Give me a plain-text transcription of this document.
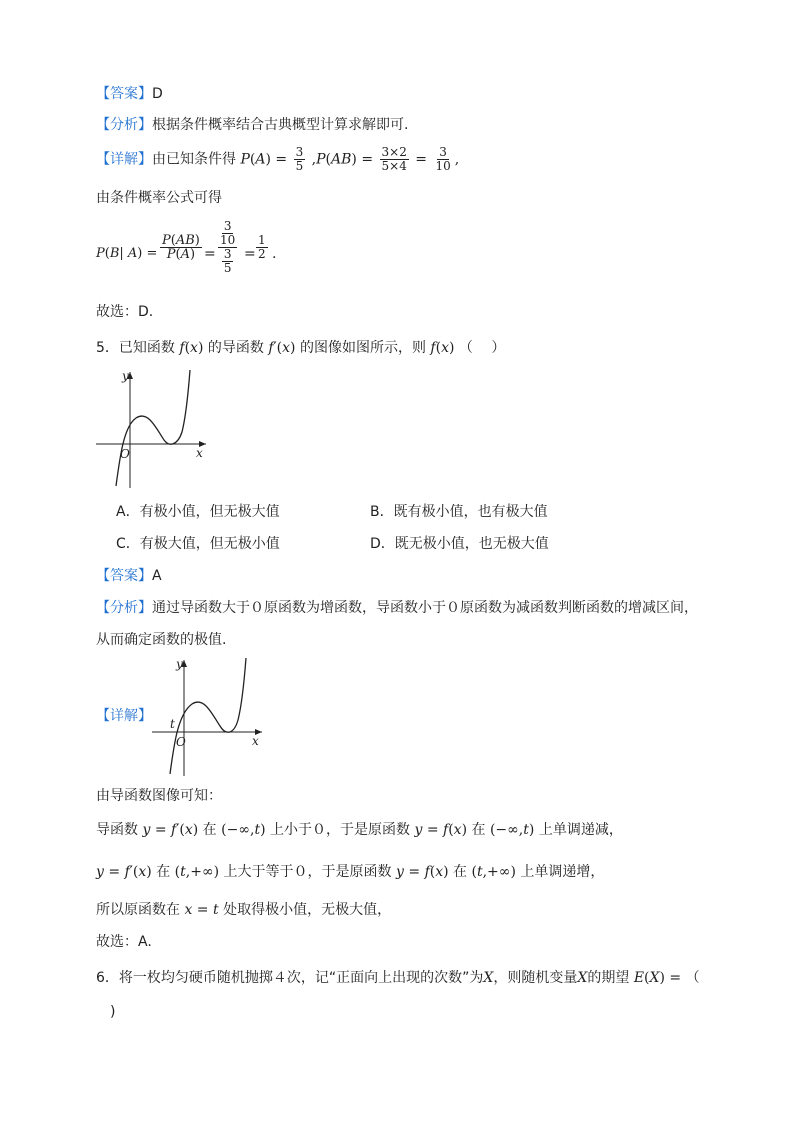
【答案】D
【分析】根据条件概率结合古典概型计算求解即可.
【详解】由已知条件得 $P(A) = \frac{3}{5} ,P(AB) = \frac{3\times 2}{5\times 4} = \frac{3}{10}$ ,
由条件概率公式可得
P(B| $A) = \frac{P(AB)}{P(A)} = 3$
10
3
$5 = \frac{1}{2}$ .
故选：D.
5．已知函数 f(x) 的导函数 f′(x) 的图像如图所示，则 f(x) （　 ）
y
x
O
A．有极小值，但无极大值	B．既有极小值，也有极大值
C．有极大值，但无极小值	D．既无极小值，也无极大值
【答案】A
【分析】通过导函数大于０原函数为增函数，导函数小于０原函数为减函数判断函数的增减区间，
从而确定函数的极值.
【详解】
y
x
O
t
由导函数图像可知：
导函数 y = f′(x) 在 (−∞,t) 上小于０，于是原函数 y = f(x) 在 (−∞,t) 上单调递减，
y = f′(x) 在 (t,+∞) 上大于等于０，于是原函数 y = f(x) 在 (t,+∞) 上单调递增，
所以原函数在 x = t 处取得极小值，无极大值，
故选：A.
6．将一枚均匀硬币随机抛掷４次，记“正面向上出现的次数”为X，则随机变量X的期望 E(X) = （
)
